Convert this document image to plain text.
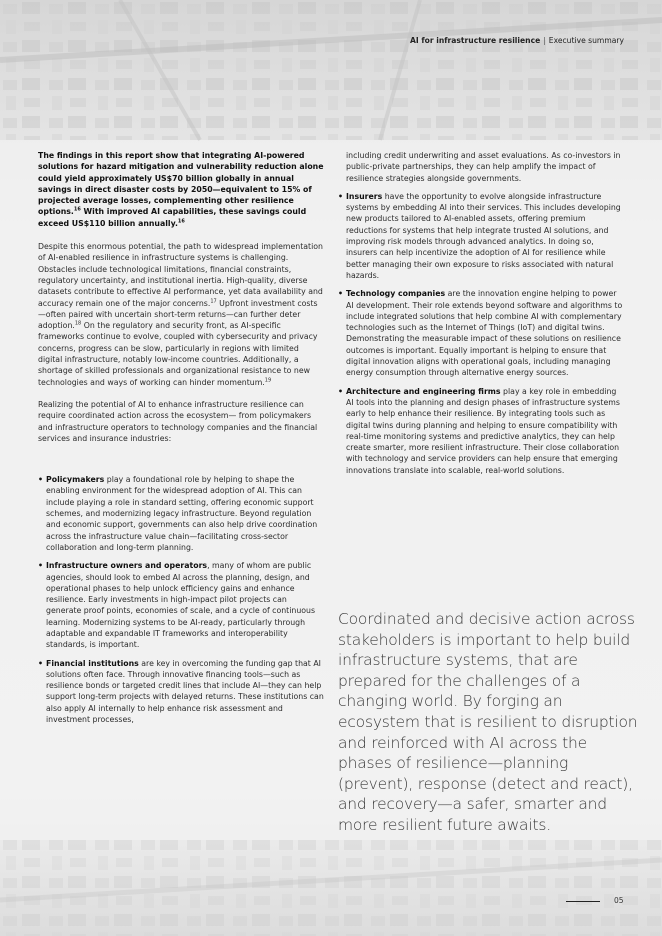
AI for infrastructure resilience | Executive summary

The findings in this report show that integrating AI-powered solutions for hazard mitigation and vulnerability reduction alone could yield approximately US$70 billion globally in annual savings in direct disaster costs by 2050—equivalent to 15% of projected average losses, complementing other resilience options.$^{16}$ With improved AI capabilities, these savings could exceed US$110 billion annually.$^{16}$

Despite this enormous potential, the path to widespread implementation of AI-enabled resilience in infrastructure systems is challenging. Obstacles include technological limitations, financial constraints, regulatory uncertainty, and institutional inertia. High-quality, diverse datasets contribute to effective AI performance, yet data availability and accuracy remain one of the major concerns.$^{17}$ Upfront investment costs—often paired with uncertain short-term returns—can further deter adoption.$^{18}$ On the regulatory and security front, as AI-specific frameworks continue to evolve, coupled with cybersecurity and privacy concerns, progress can be slow, particularly in regions with limited digital infrastructure, notably low-income countries. Additionally, a shortage of skilled professionals and organizational resistance to new technologies and ways of working can hinder momentum.$^{19}$

Realizing the potential of AI to enhance infrastructure resilience can require coordinated action across the ecosystem— from policymakers and infrastructure operators to technology companies and the financial services and insurance industries:

• Policymakers play a foundational role by helping to shape the enabling environment for the widespread adoption of AI. This can include playing a role in standard setting, offering economic support schemes, and modernizing legacy infrastructure. Beyond regulation and economic support, governments can also help drive coordination across the infrastructure value chain—facilitating cross-sector collaboration and long-term planning.
• Infrastructure owners and operators, many of whom are public agencies, should look to embed AI across the planning, design, and operational phases to help unlock efficiency gains and enhance resilience. Early investments in high-impact pilot projects can generate proof points, economies of scale, and a cycle of continuous learning. Modernizing systems to be AI-ready, particularly through adaptable and expandable IT frameworks and interoperability standards, is important.
• Financial institutions are key in overcoming the funding gap that AI solutions often face. Through innovative financing tools—such as resilience bonds or targeted credit lines that include AI—they can help support long-term projects with delayed returns. These institutions can also apply AI internally to help enhance risk assessment and investment processes,

including credit underwriting and asset evaluations. As co-investors in public-private partnerships, they can help amplify the impact of resilience strategies alongside governments.

• Insurers have the opportunity to evolve alongside infrastructure systems by embedding AI into their services. This includes developing new products tailored to AI-enabled assets, offering premium reductions for systems that help integrate trusted AI solutions, and improving risk models through advanced analytics. In doing so, insurers can help incentivize the adoption of AI for resilience while better managing their own exposure to risks associated with natural hazards.
• Technology companies are the innovation engine helping to power AI development. Their role extends beyond software and algorithms to include integrated solutions that help combine AI with complementary technologies such as the Internet of Things (IoT) and digital twins. Demonstrating the measurable impact of these solutions on resilience outcomes is important. Equally important is helping to ensure that digital innovation aligns with operational goals, including managing energy consumption through alternative energy sources.
• Architecture and engineering firms play a key role in embedding AI tools into the planning and design phases of infrastructure systems early to help enhance their resilience. By integrating tools such as digital twins during planning and helping to ensure compatibility with real-time monitoring systems and predictive analytics, they can help create smarter, more resilient infrastructure. Their close collaboration with technology and service providers can help ensure that emerging innovations translate into scalable, real-world solutions.
Coordinated and decisive action across stakeholders is important to help build infrastructure systems, that are prepared for the challenges of a changing world. By forging an ecosystem that is resilient to disruption and reinforced with AI across the phases of resilience—planning (prevent), response (detect and react), and recovery—a safer, smarter and more resilient future awaits.
05
